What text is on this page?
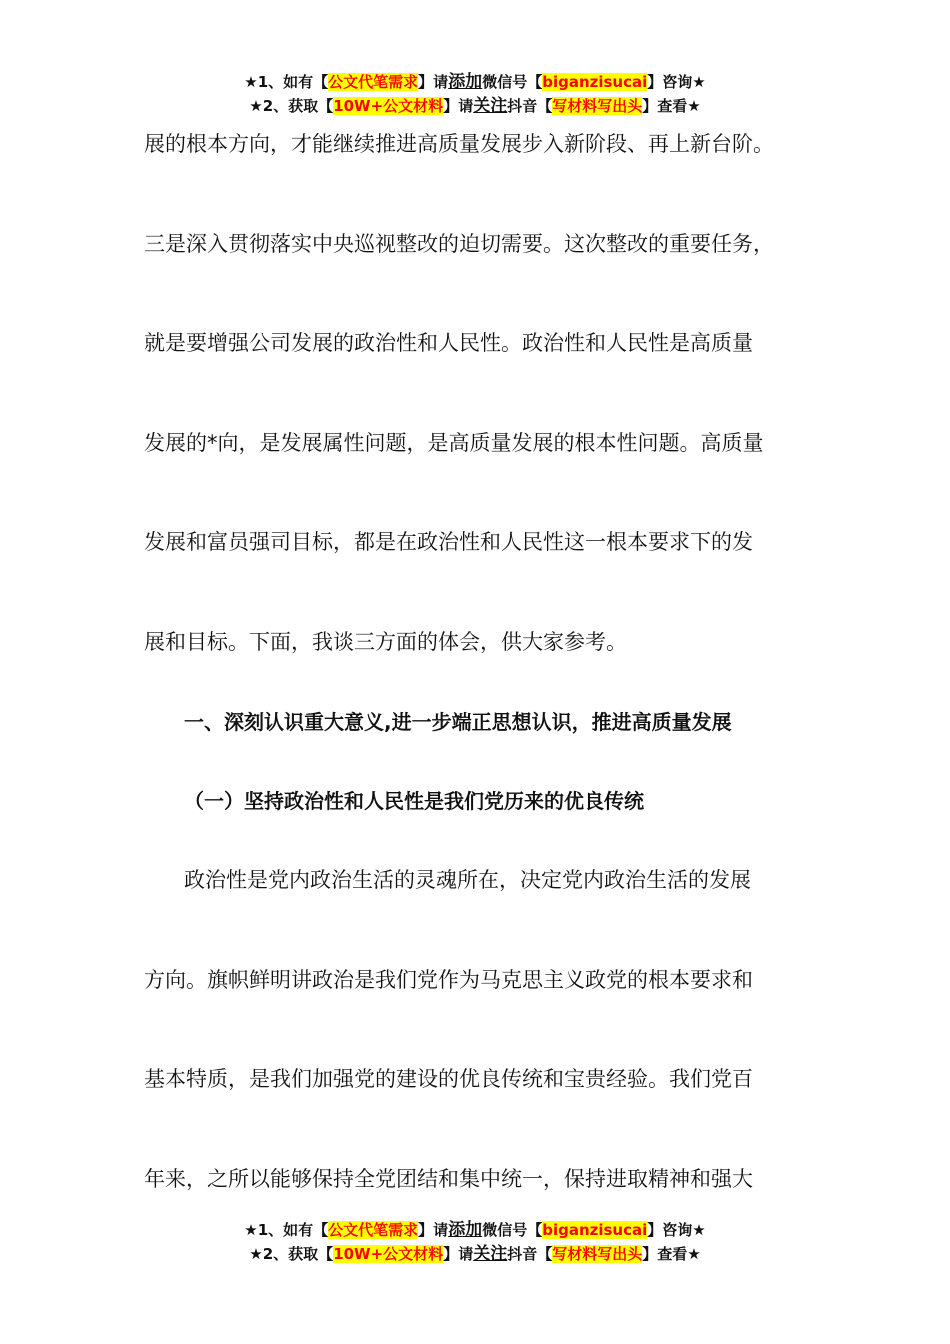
★1、如有【公文代笔需求】请添加微信号【biganzisucai】咨询★
★2、获取【10W+公文材料】请关注抖音【写材料写出头】查看★
展的根本方向，才能继续推进高质量发展步入新阶段、再上新台阶。
三是深入贯彻落实中央巡视整改的迫切需要。这次整改的重要任务，
就是要增强公司发展的政治性和人民性。政治性和人民性是高质量
发展的*向，是发展属性问题，是高质量发展的根本性问题。高质量
发展和富员强司目标，都是在政治性和人民性这一根本要求下的发
展和目标。下面，我谈三方面的体会，供大家参考。
一、深刻认识重大意义,进一步端正思想认识，推进高质量发展
（一）坚持政治性和人民性是我们党历来的优良传统
政治性是党内政治生活的灵魂所在，决定党内政治生活的发展
方向。旗帜鲜明讲政治是我们党作为马克思主义政党的根本要求和
基本特质，是我们加强党的建设的优良传统和宝贵经验。我们党百
年来，之所以能够保持全党团结和集中统一，保持进取精神和强大
★1、如有【公文代笔需求】请添加微信号【biganzisucai】咨询★
★2、获取【10W+公文材料】请关注抖音【写材料写出头】查看★
